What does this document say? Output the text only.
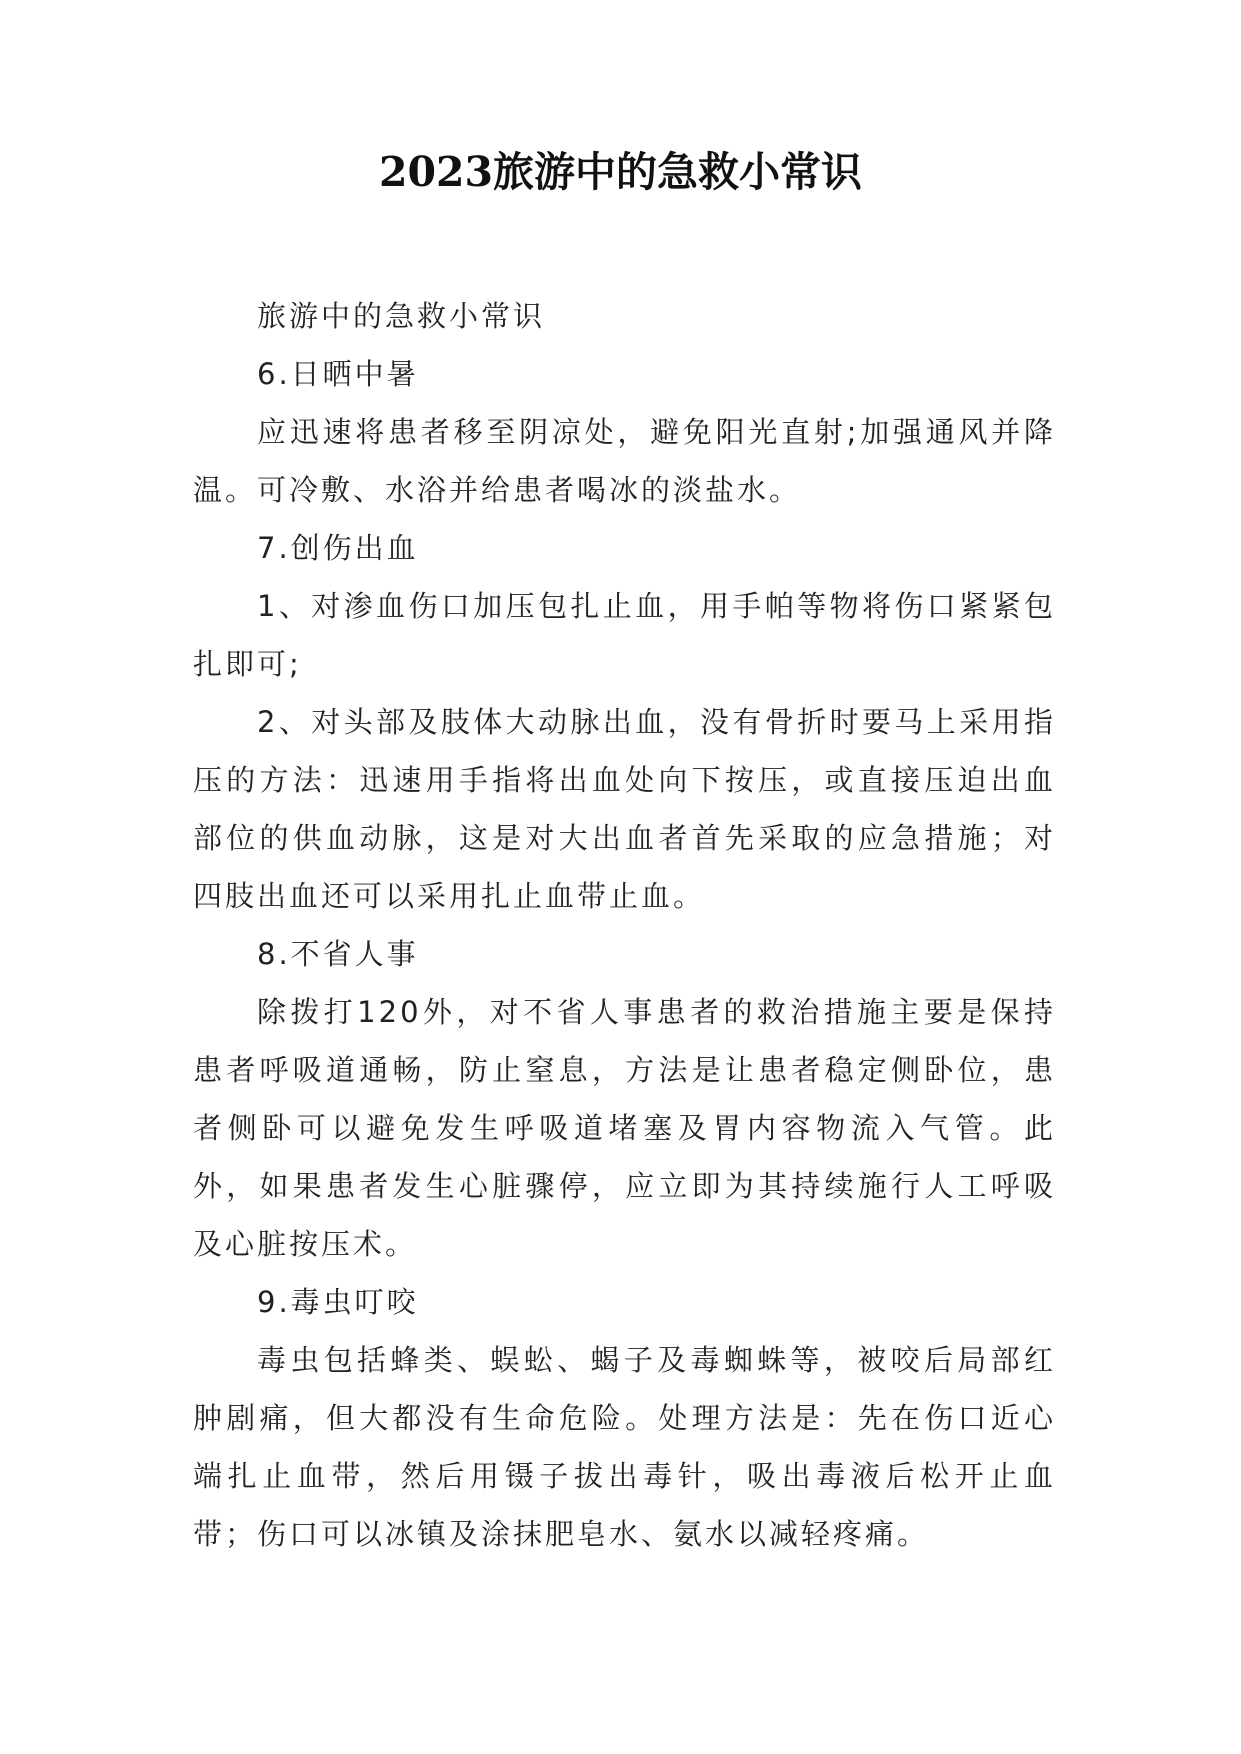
2023旅游中的急救小常识

旅游中的急救小常识

6.日晒中暑

应迅速将患者移至阴凉处，避免阳光直射;加强通风并降温。可冷敷、水浴并给患者喝冰的淡盐水。

7.创伤出血

1、对渗血伤口加压包扎止血，用手帕等物将伤口紧紧包扎即可;

2、对头部及肢体大动脉出血，没有骨折时要马上采用指压的方法：迅速用手指将出血处向下按压，或直接压迫出血部位的供血动脉，这是对大出血者首先采取的应急措施；对四肢出血还可以采用扎止血带止血。

8.不省人事

除拨打120外，对不省人事患者的救治措施主要是保持患者呼吸道通畅，防止窒息，方法是让患者稳定侧卧位，患者侧卧可以避免发生呼吸道堵塞及胃内容物流入气管。此外，如果患者发生心脏骤停，应立即为其持续施行人工呼吸及心脏按压术。

9.毒虫叮咬

毒虫包括蜂类、蜈蚣、蝎子及毒蜘蛛等，被咬后局部红肿剧痛，但大都没有生命危险。处理方法是：先在伤口近心端扎止血带，然后用镊子拔出毒针，吸出毒液后松开止血带；伤口可以冰镇及涂抹肥皂水、氨水以减轻疼痛。
